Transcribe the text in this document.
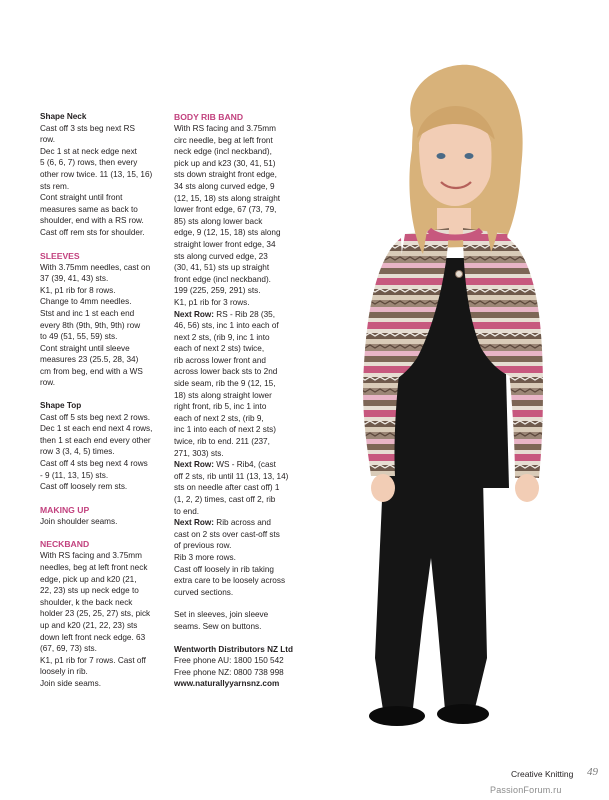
Shape Neck

Cast off 3 sts beg next RS
row.
Dec 1 st at neck edge next
5 (6, 6, 7) rows, then every
other row twice. 11 (13, 15, 16)
sts rem.
Cont straight until front
measures same as back to
shoulder, end with a RS row.
Cast off rem sts for shoulder.

SLEEVES

With 3.75mm needles, cast on
37 (39, 41, 43) sts.
K1, p1 rib for 8 rows.
Change to 4mm needles.
Stst and inc 1 st each end
every 8th (9th, 9th, 9th) row
to 49 (51, 55, 59) sts.
Cont straight until sleeve
measures 23 (25.5, 28, 34)
cm from beg, end with a WS
row.

Shape Top

Cast off 5 sts beg next 2 rows.
Dec 1 st each end next 4 rows,
then 1 st each end every other
row 3 (3, 4, 5) times.
Cast off 4 sts beg next 4 rows
- 9 (11, 13, 15) sts.
Cast off loosely rem sts.

MAKING UP

Join shoulder seams.

NECKBAND

With RS facing and 3.75mm
needles, beg at left front neck
edge, pick up and k20 (21,
22, 23) sts up neck edge to
shoulder, k the back neck
holder 23 (25, 25, 27) sts, pick
up and k20 (21, 22, 23) sts
down left front neck edge. 63
(67, 69, 73) sts.
K1, p1 rib for 7 rows. Cast off
loosely in rib.
Join side seams.

BODY RIB BAND

With RS facing and 3.75mm
circ needle, beg at left front
neck edge (incl neckband),
pick up and k23 (30, 41, 51)
sts down straight front edge,
34 sts along curved edge, 9
(12, 15, 18) sts along straight
lower front edge, 67 (73, 79,
85) sts along lower back
edge, 9 (12, 15, 18) sts along
straight lower front edge, 34
sts along curved edge, 23
(30, 41, 51) sts up straight
front edge (incl neckband).
199 (225, 259, 291) sts.
K1, p1 rib for 3 rows.
Next Row: RS - Rib 28 (35,
46, 56) sts, inc 1 into each of
next 2 sts, (rib 9, inc 1 into
each of next 2 sts) twice,
rib across lower front and
across lower back sts to 2nd
side seam, rib the 9 (12, 15,
18) sts along straight lower
right front, rib 5, inc 1 into
each of next 2 sts, (rib 9,
inc 1 into each of next 2 sts)
twice, rib to end. 211 (237,
271, 303) sts.
Next Row: WS - Rib4, (cast
off 2 sts, rib until 11 (13, 13, 14)
sts on needle after cast off) 1
(1, 2, 2) times, cast off 2, rib
to end.
Next Row: Rib across and
cast on 2 sts over cast-off sts
of previous row.
Rib 3 more rows.
Cast off loosely in rib taking
extra care to be loosely across
curved sections.
Set in sleeves, join sleeve
seams. Sew on buttons.
Wentworth Distributors NZ Ltd
Free phone AU: 1800 150 542
Free phone NZ: 0800 738 998
www.naturallyyarnsnz.com
Creative Knitting 49
PassionForum.ru
